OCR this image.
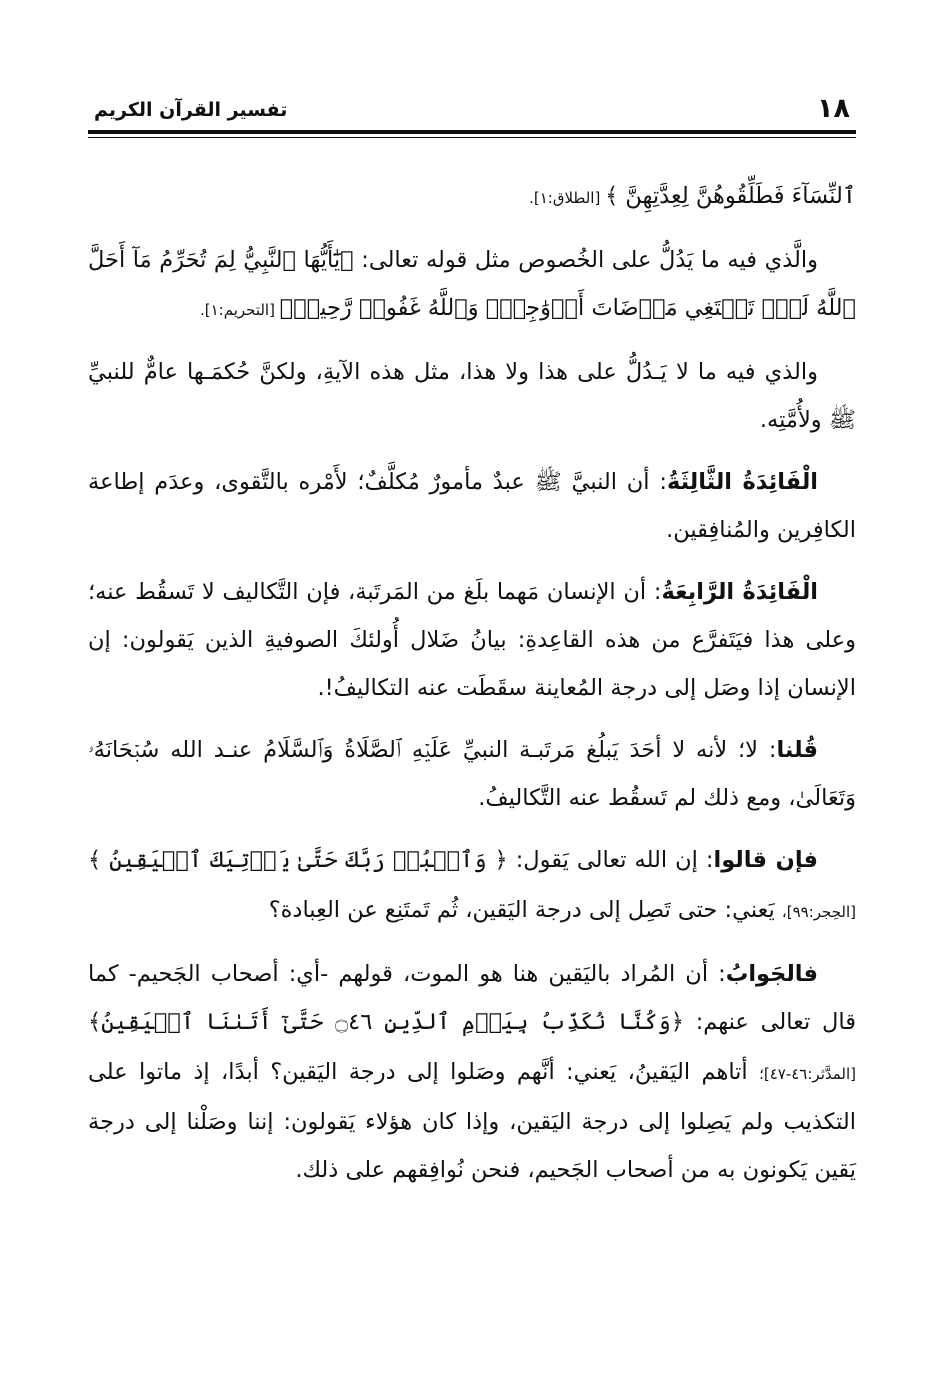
١٨
تفسير القرآن الكريم

ٱلنِّسَآءَ فَطَلِّقُوهُنَّ لِعِدَّتِهِنَّ ﴾ [الطلاق:١].

والَّذي فيه ما يَدُلُّ على الخُصوص مثل قوله تعالى: ﴿يَٰٓأَيُّهَا ٱلنَّبِيُّ لِمَ تُحَرِّمُ مَآ أَحَلَّ ٱللَّهُ لَكَۖ تَبۡتَغِي مَرۡضَاتَ أَزۡوَٰجِكَۚ وَٱللَّهُ غَفُورٞ رَّحِيمٞ﴾ [التحريم:١].

والذي فيه ما لا يَـدُلُّ على هذا ولا هذا، مثل هذه الآيةِ، ولكنَّ حُكمَـها عامٌّ للنبيِّ ﷺ ولأُمَّتِه.

الْفَائِدَةُ الثَّالِثَةُ: أن النبيَّ ﷺ عبدٌ مأمورٌ مُكلَّفٌ؛ لأَمْره بالتَّقوى، وعدَم إطاعة الكافِرين والمُنافِقين.

الْفَائِدَةُ الرَّابِعَةُ: أن الإنسان مَهما بلَغ من المَرتَبة، فإن التَّكاليف لا تَسقُط عنه؛ وعلى هذا فيَتَفرَّع من هذه القاعِدةِ: بيانُ ضَلال أُولئكَ الصوفيةِ الذين يَقولون: إن الإنسان إذا وصَل إلى درجة المُعاينة سقَطَت عنه التكاليفُ!.

قُلنا: لا؛ لأنه لا أحَدَ يَبلُغ مَرتَبـة النبيِّ عَلَيۡهِ ٱلصَّلَاةُ وَٱلسَّلَامُ عنـد الله سُبۡحَانَهُۥ وَتَعَالَىٰ، ومع ذلك لم تَسقُط عنه التَّكاليفُ.

فإن قالوا: إن الله تعالى يَقول: ﴿ وَٱعۡبُدۡ رَبَّكَ حَتَّىٰ يَأۡتِيَكَ ٱلۡيَقِينُ ﴾ [الحِجر:٩٩]، يَعني: حتى تَصِل إلى درجة اليَقين، ثُم تَمتَنِع عن العِبادة؟

فالجَوابُ: أن المُراد باليَقين هنا هو الموت، قولهم -أي: أصحاب الجَحيم- كما قال تعالى عنهم: ﴿وَكُنَّا نُكَذِّبُ بِيَوۡمِ ٱلدِّينِ ۝٤٦ حَتَّىٰٓ أَتَىٰنَا ٱلۡيَقِينُ﴾ [المدَّثر:٤٦-٤٧]؛ أتاهم اليَقينُ، يَعني: أنَّهم وصَلوا إلى درجة اليَقين؟ أبدًا، إذ ماتوا على التكذيب ولم يَصِلوا إلى درجة اليَقين، وإذا كان هؤلاء يَقولون: إننا وصَلْنا إلى درجة يَقين يَكونون به من أصحاب الجَحيم، فنحن نُوافِقهم على ذلك.
